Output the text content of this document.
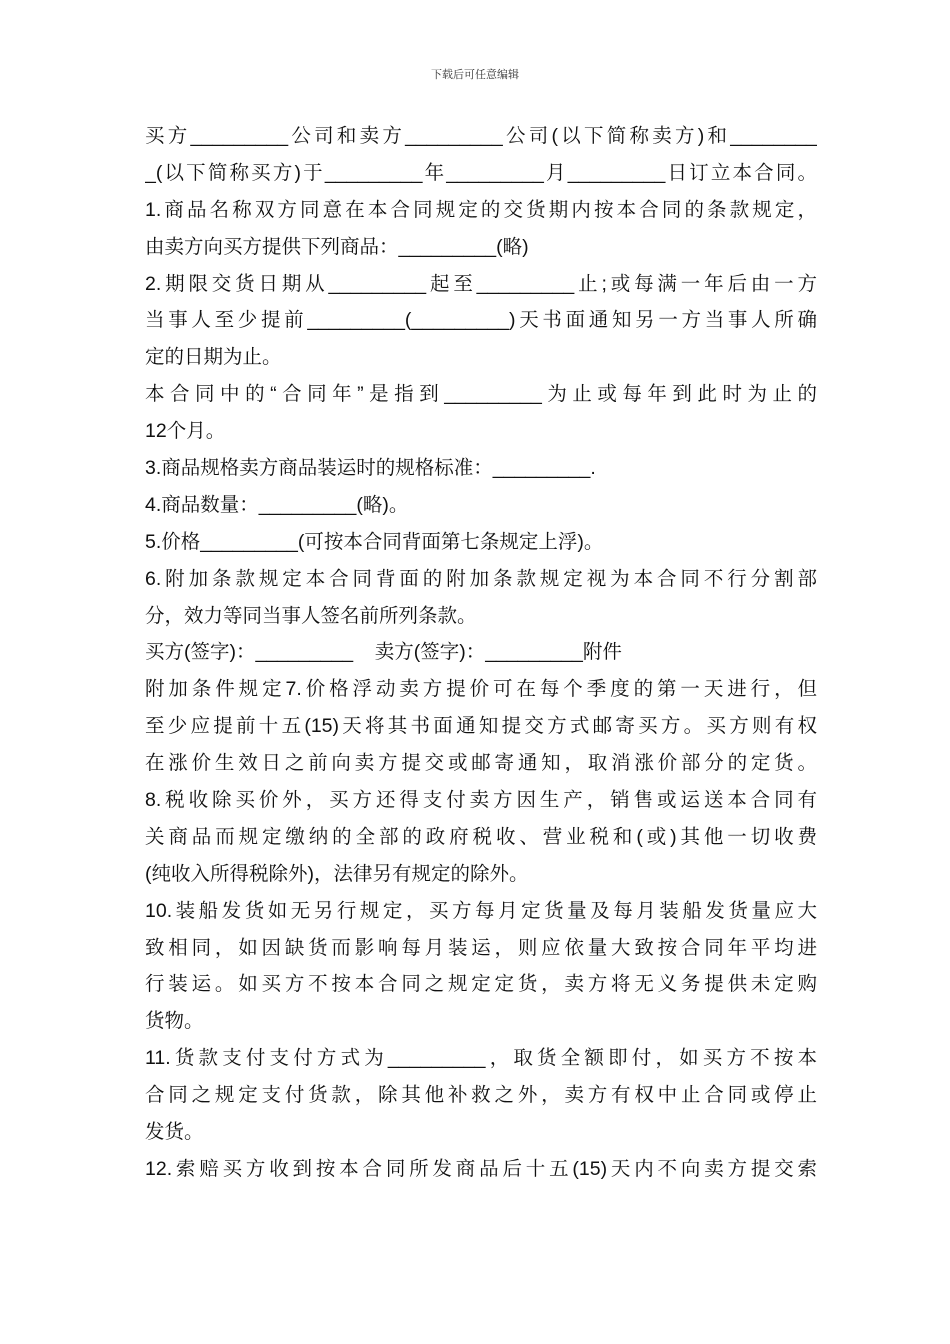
下载后可任意编辑
买方_________公司和卖方_________公司(以下简称卖方)和________
_(以下简称买方)于_________年_________月_________日订立本合同。
1.商品名称双方同意在本合同规定的交货期内按本合同的条款规定，
由卖方向买方提供下列商品：_________(略)
2.期限交货日期从_________起至_________止;或每满一年后由一方
当事人至少提前_________(_________)天书面通知另一方当事人所确
定的日期为止。
本合同中的“合同年”是指到_________为止或每年到此时为止的
12个月。
3.商品规格卖方商品装运时的规格标准：_________.
4.商品数量：_________(略)。
5.价格_________(可按本合同背面第七条规定上浮)。
6.附加条款规定本合同背面的附加条款规定视为本合同不行分割部
分，效力等同当事人签名前所列条款。
买方(签字)：_________    卖方(签字)：_________附件
附加条件规定7.价格浮动卖方提价可在每个季度的第一天进行，但
至少应提前十五(15)天将其书面通知提交方式邮寄买方。买方则有权
在涨价生效日之前向卖方提交或邮寄通知，取消涨价部分的定货。
8.税收除买价外，买方还得支付卖方因生产，销售或运送本合同有
关商品而规定缴纳的全部的政府税收、营业税和(或)其他一切收费
(纯收入所得税除外)，法律另有规定的除外。
10.装船发货如无另行规定，买方每月定货量及每月装船发货量应大
致相同，如因缺货而影响每月装运，则应依量大致按合同年平均进
行装运。如买方不按本合同之规定定货，卖方将无义务提供未定购
货物。
11.货款支付支付方式为_________，取货全额即付，如买方不按本
合同之规定支付货款，除其他补救之外，卖方有权中止合同或停止
发货。
12.索赔买方收到按本合同所发商品后十五(15)天内不向卖方提交索
